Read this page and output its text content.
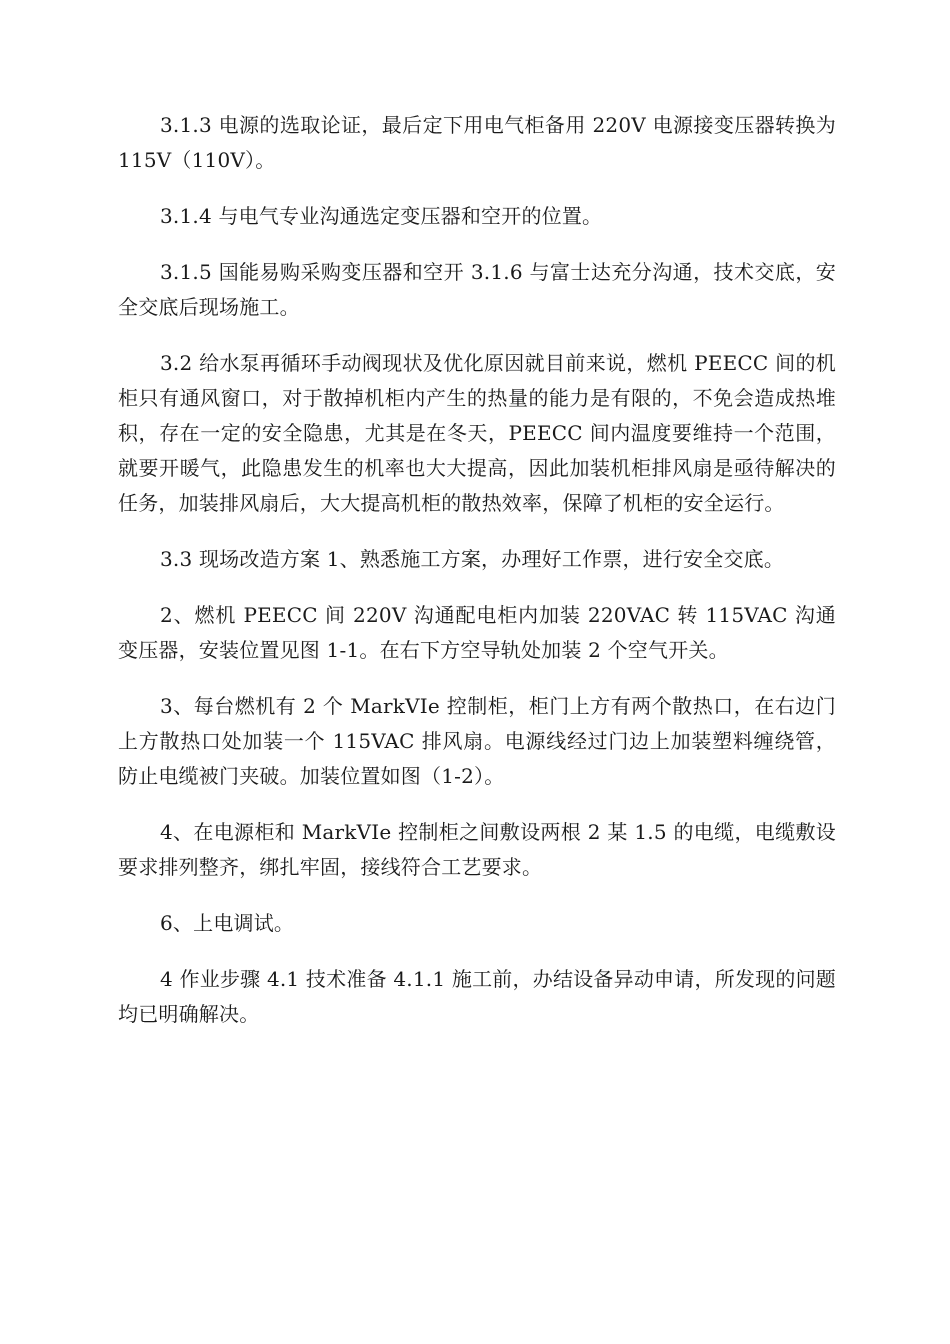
3.1.3 电源的选取论证，最后定下用电气柜备用 220V 电源接变压器转换为 115V（110V）。

3.1.4 与电气专业沟通选定变压器和空开的位置。

3.1.5 国能易购采购变压器和空开 3.1.6 与富士达充分沟通，技术交底，安全交底后现场施工。

3.2 给水泵再循环手动阀现状及优化原因就目前来说，燃机 PEECC 间的机柜只有通风窗口，对于散掉机柜内产生的热量的能力是有限的，不免会造成热堆积，存在一定的安全隐患，尤其是在冬天，PEECC 间内温度要维持一个范围，就要开暖气，此隐患发生的机率也大大提高，因此加装机柜排风扇是亟待解决的任务，加装排风扇后，大大提高机柜的散热效率，保障了机柜的安全运行。

3.3 现场改造方案 1、熟悉施工方案，办理好工作票，进行安全交底。

2、燃机 PEECC 间 220V 沟通配电柜内加装 220VAC 转 115VAC 沟通变压器，安装位置见图 1-1。在右下方空导轨处加装 2 个空气开关。

3、每台燃机有 2 个 MarkVIe 控制柜，柜门上方有两个散热口，在右边门上方散热口处加装一个 115VAC 排风扇。电源线经过门边上加装塑料缠绕管，防止电缆被门夹破。加装位置如图（1-2）。

4、在电源柜和 MarkVIe 控制柜之间敷设两根 2 某 1.5 的电缆，电缆敷设要求排列整齐，绑扎牢固，接线符合工艺要求。

6、上电调试。

4 作业步骤 4.1 技术准备 4.1.1 施工前，办结设备异动申请，所发现的问题均已明确解决。
